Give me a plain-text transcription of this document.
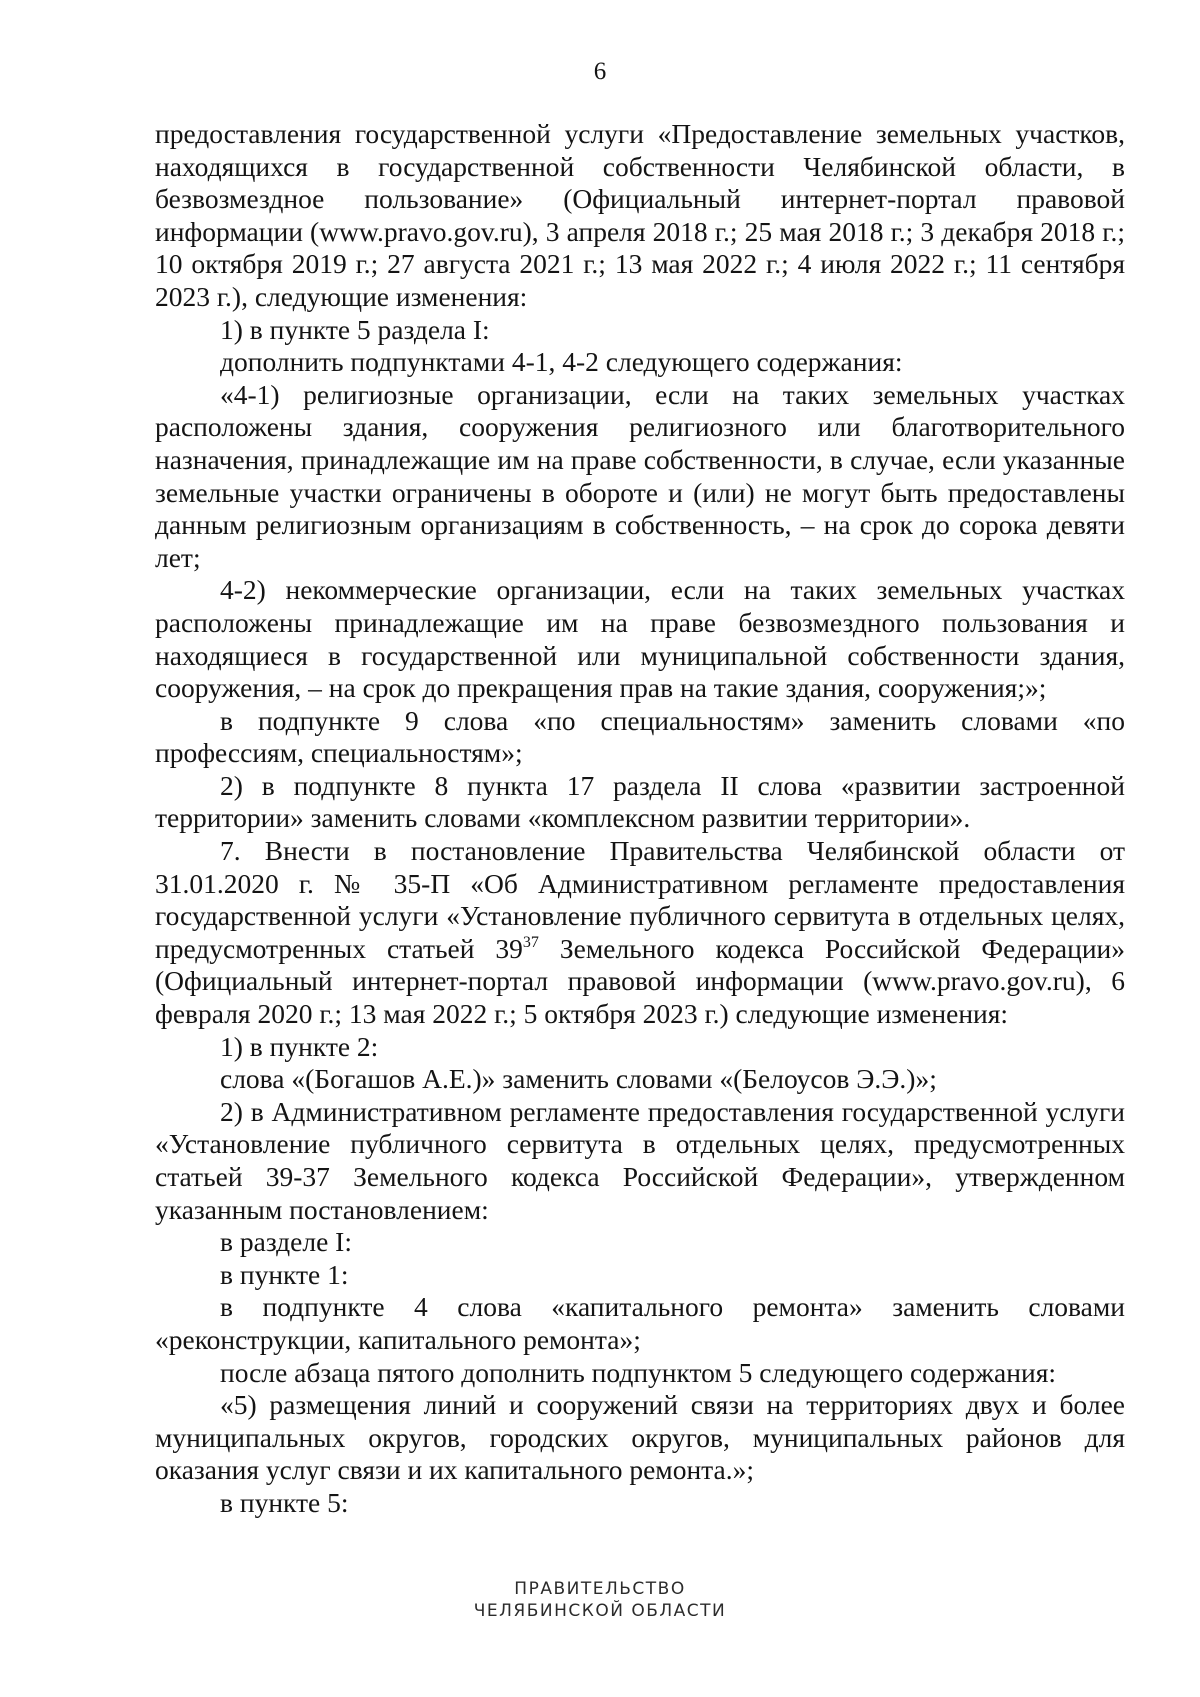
6

предоставления государственной услуги «Предоставление земельных участков, находящихся в государственной собственности Челябинской области, в безвозмездное пользование» (Официальный интернет-портал правовой информации (www.pravo.gov.ru), 3 апреля 2018 г.; 25 мая 2018 г.; 3 декабря 2018 г.; 10 октября 2019 г.; 27 августа 2021 г.; 13 мая 2022 г.; 4 июля 2022 г.; 11 сентября 2023 г.), следующие изменения:

1) в пункте 5 раздела I:

дополнить подпунктами 4-1, 4-2 следующего содержания:

«4-1) религиозные организации, если на таких земельных участках расположены здания, сооружения религиозного или благотворительного назначения, принадлежащие им на праве собственности, в случае, если указанные земельные участки ограничены в обороте и (или) не могут быть предоставлены данным религиозным организациям в собственность, – на срок до сорока девяти лет;

4-2) некоммерческие организации, если на таких земельных участках расположены принадлежащие им на праве безвозмездного пользования и находящиеся в государственной или муниципальной собственности здания, сооружения, – на срок до прекращения прав на такие здания, сооружения;»;

в подпункте 9 слова «по специальностям» заменить словами «по профессиям, специальностям»;

2) в подпункте 8 пункта 17 раздела II слова «развитии застроенной территории» заменить словами «комплексном развитии территории».

7. Внести в постановление Правительства Челябинской области от 31.01.2020 г. № 35-П «Об Административном регламенте предоставления государственной услуги «Установление публичного сервитута в отдельных целях, предусмотренных статьей $39^{37}$ Земельного кодекса Российской Федерации» (Официальный интернет-портал правовой информации (www.pravo.gov.ru), 6 февраля 2020 г.; 13 мая 2022 г.; 5 октября 2023 г.) следующие изменения:

1) в пункте 2:

слова «(Богашов А.Е.)» заменить словами «(Белоусов Э.Э.)»;

2) в Административном регламенте предоставления государственной услуги «Установление публичного сервитута в отдельных целях, предусмотренных статьей 39-37 Земельного кодекса Российской Федерации», утвержденном указанным постановлением:

в разделе I:

в пункте 1:

в подпункте 4 слова «капитального ремонта» заменить словами «реконструкции, капитального ремонта»;

после абзаца пятого дополнить подпунктом 5 следующего содержания:

«5) размещения линий и сооружений связи на территориях двух и более муниципальных округов, городских округов, муниципальных районов для оказания услуг связи и их капитального ремонта.»;

в пункте 5:

ПРАВИТЕЛЬСТВО
ЧЕЛЯБИНСКОЙ ОБЛАСТИ
